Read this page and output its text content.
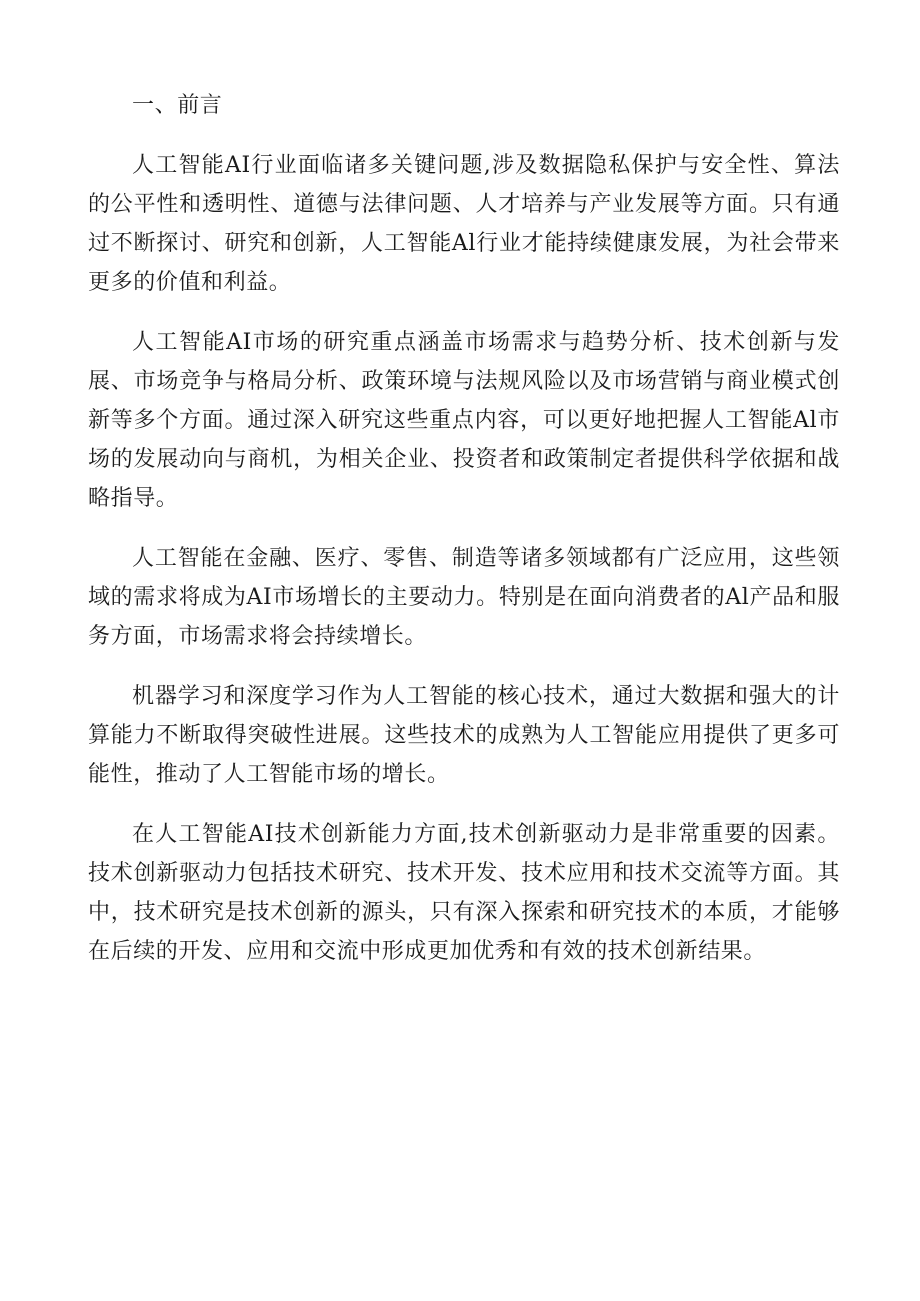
一、前言

人工智能AI行业面临诸多关键问题,涉及数据隐私保护与安全性、算法的公平性和透明性、道德与法律问题、人才培养与产业发展等方面。只有通过不断探讨、研究和创新，人工智能Al行业才能持续健康发展，为社会带来更多的价值和利益。

人工智能AI市场的研究重点涵盖市场需求与趋势分析、技术创新与发展、市场竞争与格局分析、政策环境与法规风险以及市场营销与商业模式创新等多个方面。通过深入研究这些重点内容，可以更好地把握人工智能Al市场的发展动向与商机，为相关企业、投资者和政策制定者提供科学依据和战略指导。

人工智能在金融、医疗、零售、制造等诸多领域都有广泛应用，这些领域的需求将成为AI市场增长的主要动力。特别是在面向消费者的Al产品和服务方面，市场需求将会持续增长。

机器学习和深度学习作为人工智能的核心技术，通过大数据和强大的计算能力不断取得突破性进展。这些技术的成熟为人工智能应用提供了更多可能性，推动了人工智能市场的增长。

在人工智能AI技术创新能力方面,技术创新驱动力是非常重要的因素。技术创新驱动力包括技术研究、技术开发、技术应用和技术交流等方面。其中，技术研究是技术创新的源头，只有深入探索和研究技术的本质，才能够在后续的开发、应用和交流中形成更加优秀和有效的技术创新结果。
